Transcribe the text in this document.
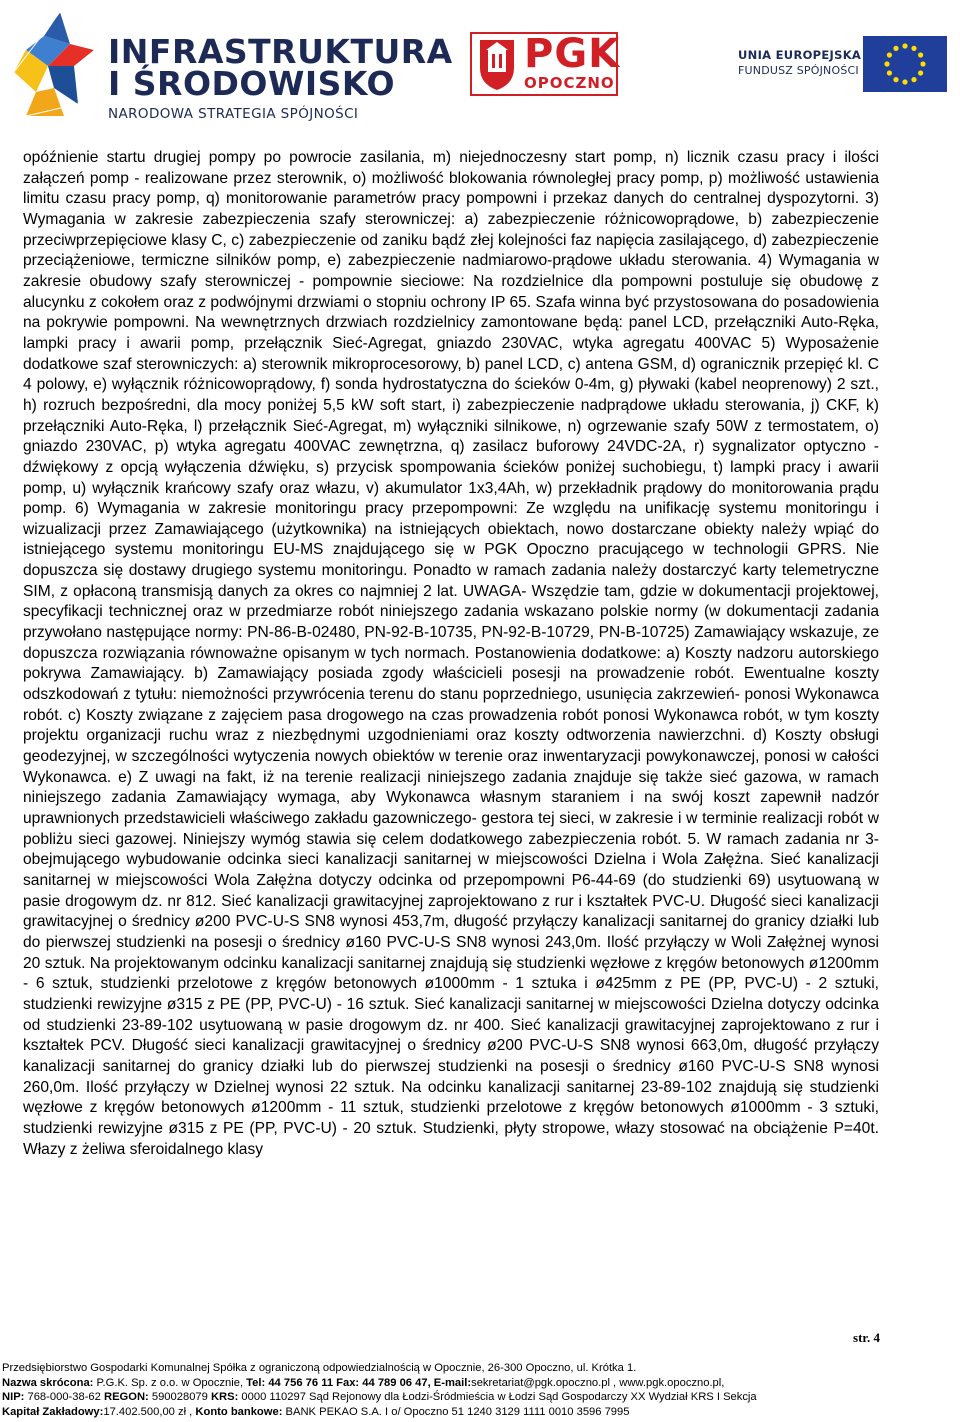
INFRASTRUKTURA
I ŚRODOWISKO
NARODOWA STRATEGIA SPÓJNOŚCI
PGK
OPOCZNO
UNIA EUROPEJSKA
FUNDUSZ SPÓJNOŚCI
opóźnienie startu drugiej pompy po powrocie zasilania, m) niejednoczesny start pomp, n) licznik czasu pracy i ilości załączeń pomp - realizowane przez sterownik, o) możliwość blokowania równoległej pracy pomp, p) możliwość ustawienia limitu czasu pracy pomp, q) monitorowanie parametrów pracy pompowni i przekaz danych do centralnej dyspozytorni. 3) Wymagania w zakresie zabezpieczenia szafy sterowniczej: a) zabezpieczenie różnicowoprądowe, b) zabezpieczenie przeciwprzepięciowe klasy C, c) zabezpieczenie od zaniku bądź złej kolejności faz napięcia zasilającego, d) zabezpieczenie przeciążeniowe, termiczne silników pomp, e) zabezpieczenie nadmiarowo-prądowe układu sterowania. 4) Wymagania w zakresie obudowy szafy sterowniczej - pompownie sieciowe: Na rozdzielnice dla pompowni postuluje się obudowę z alucynku z cokołem oraz z podwójnymi drzwiami o stopniu ochrony IP 65. Szafa winna być przystosowana do posadowienia na pokrywie pompowni. Na wewnętrznych drzwiach rozdzielnicy zamontowane będą: panel LCD, przełączniki Auto-Ręka, lampki pracy i awarii pomp, przełącznik Sieć-Agregat, gniazdo 230VAC, wtyka agregatu 400VAC 5) Wyposażenie dodatkowe szaf sterowniczych: a) sterownik mikroprocesorowy, b) panel LCD, c) antena GSM, d) ogranicznik przepięć kl. C 4 polowy, e) wyłącznik różnicowoprądowy, f) sonda hydrostatyczna do ścieków 0-4m, g) pływaki (kabel neoprenowy) 2 szt., h) rozruch bezpośredni, dla mocy poniżej 5,5 kW soft start, i) zabezpieczenie nadprądowe układu sterowania, j) CKF, k) przełączniki Auto-Ręka, l) przełącznik Sieć-Agregat, m) wyłączniki silnikowe, n) ogrzewanie szafy 50W z termostatem, o) gniazdo 230VAC, p) wtyka agregatu 400VAC zewnętrzna, q) zasilacz buforowy 24VDC-2A, r) sygnalizator optyczno - dźwiękowy z opcją wyłączenia dźwięku, s) przycisk spompowania ścieków poniżej suchobiegu, t) lampki pracy i awarii pomp, u) wyłącznik krańcowy szafy oraz włazu, v) akumulator 1x3,4Ah, w) przekładnik prądowy do monitorowania prądu pomp. 6) Wymagania w zakresie monitoringu pracy przepompowni: Ze względu na unifikację systemu monitoringu i wizualizacji przez Zamawiającego (użytkownika) na istniejących obiektach, nowo dostarczane obiekty należy wpiąć do istniejącego systemu monitoringu EU-MS znajdującego się w PGK Opoczno pracującego w technologii GPRS. Nie dopuszcza się dostawy drugiego systemu monitoringu. Ponadto w ramach zadania należy dostarczyć karty telemetryczne SIM, z opłaconą transmisją danych za okres co najmniej 2 lat. UWAGA- Wszędzie tam, gdzie w dokumentacji projektowej, specyfikacji technicznej oraz w przedmiarze robót niniejszego zadania wskazano polskie normy (w dokumentacji zadania przywołano następujące normy: PN-86-B-02480, PN-92-B-10735, PN-92-B-10729, PN-B-10725) Zamawiający wskazuje, ze dopuszcza rozwiązania równoważne opisanym w tych normach. Postanowienia dodatkowe: a) Koszty nadzoru autorskiego pokrywa Zamawiający. b) Zamawiający posiada zgody właścicieli posesji na prowadzenie robót. Ewentualne koszty odszkodowań z tytułu: niemożności przywrócenia terenu do stanu poprzedniego, usunięcia zakrzewień- ponosi Wykonawca robót. c) Koszty związane z zajęciem pasa drogowego na czas prowadzenia robót ponosi Wykonawca robót, w tym koszty projektu organizacji ruchu wraz z niezbędnymi uzgodnieniami oraz koszty odtworzenia nawierzchni. d) Koszty obsługi geodezyjnej, w szczególności wytyczenia nowych obiektów w terenie oraz inwentaryzacji powykonawczej, ponosi w całości Wykonawca. e) Z uwagi na fakt, iż na terenie realizacji niniejszego zadania znajduje się także sieć gazowa, w ramach niniejszego zadania Zamawiający wymaga, aby Wykonawca własnym staraniem i na swój koszt zapewnił nadzór uprawnionych przedstawicieli właściwego zakładu gazowniczego- gestora tej sieci, w zakresie i w terminie realizacji robót w pobliżu sieci gazowej. Niniejszy wymóg stawia się celem dodatkowego zabezpieczenia robót. 5. W ramach zadania nr 3- obejmującego wybudowanie odcinka sieci kanalizacji sanitarnej w miejscowości Dzielna i Wola Załężna. Sieć kanalizacji sanitarnej w miejscowości Wola Załężna dotyczy odcinka od przepompowni P6-44-69 (do studzienki 69) usytuowaną w pasie drogowym dz. nr 812. Sieć kanalizacji grawitacyjnej zaprojektowano z rur i kształtek PVC-U. Długość sieci kanalizacji grawitacyjnej o średnicy ø200 PVC-U-S SN8 wynosi 453,7m, długość przyłączy kanalizacji sanitarnej do granicy działki lub do pierwszej studzienki na posesji o średnicy ø160 PVC-U-S SN8 wynosi 243,0m. Ilość przyłączy w Woli Załężnej wynosi 20 sztuk. Na projektowanym odcinku kanalizacji sanitarnej znajdują się studzienki węzłowe z kręgów betonowych ø1200mm - 6 sztuk, studzienki przelotowe z kręgów betonowych ø1000mm - 1 sztuka i ø425mm z PE (PP, PVC-U) - 2 sztuki, studzienki rewizyjne ø315 z PE (PP, PVC-U) - 16 sztuk. Sieć kanalizacji sanitarnej w miejscowości Dzielna dotyczy odcinka od studzienki 23-89-102 usytuowaną w pasie drogowym dz. nr 400. Sieć kanalizacji grawitacyjnej zaprojektowano z rur i kształtek PCV. Długość sieci kanalizacji grawitacyjnej o średnicy ø200 PVC-U-S SN8 wynosi 663,0m, długość przyłączy kanalizacji sanitarnej do granicy działki lub do pierwszej studzienki na posesji o średnicy ø160 PVC-U-S SN8 wynosi 260,0m. Ilość przyłączy w Dzielnej wynosi 22 sztuk. Na odcinku kanalizacji sanitarnej 23-89-102 znajdują się studzienki węzłowe z kręgów betonowych ø1200mm - 11 sztuk, studzienki przelotowe z kręgów betonowych ø1000mm - 3 sztuki, studzienki rewizyjne ø315 z PE (PP, PVC-U) - 20 sztuk. Studzienki, płyty stropowe, włazy stosować na obciążenie P=40t. Włazy z żeliwa sferoidalnego klasy
str. 4
Przedsiębiorstwo Gospodarki Komunalnej Spółka z ograniczoną odpowiedzialnością w Opocznie, 26-300 Opoczno, ul. Krótka 1.
Nazwa skrócona: P.G.K. Sp. z o.o. w Opocznie, Tel: 44 756 76 11 Fax: 44 789 06 47, E-mail:sekretariat@pgk.opoczno.pl , www.pgk.opoczno.pl,
NIP: 768-000-38-62 REGON: 590028079 KRS: 0000 110297 Sąd Rejonowy dla Łodzi-Śródmieścia w Łodzi Sąd Gospodarczy XX Wydział KRS I Sekcja
Kapitał Zakładowy:17.402.500,00 zł , Konto bankowe: BANK PEKAO S.A. I o/ Opoczno 51 1240 3129 1111 0010 3596 7995
